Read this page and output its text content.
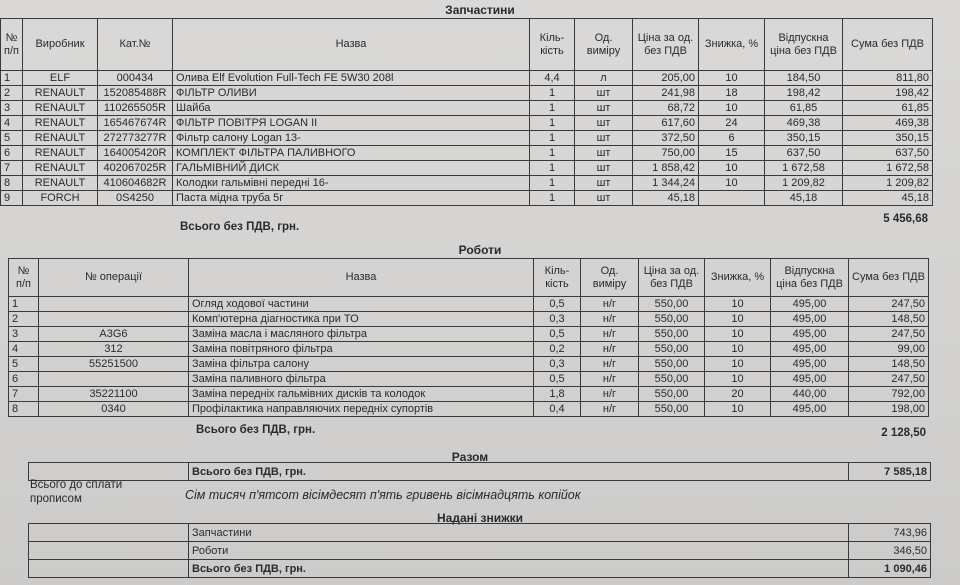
Запчастини
№ п/п	Виробник	Кат.№	Назва	Кіль-кість	Од. виміру	Ціна за од. без ПДВ	Знижка, %	Відпускна ціна без ПДВ	Сума без ПДВ
1	ELF	000434	Олива Elf Evolution Full-Tech FE 5W30 208l	4,4	л	205,00	10	184,50	811,80
2	RENAULT	152085488R	ФІЛЬТР ОЛИВИ	1	шт	241,98	18	198,42	198,42
3	RENAULT	110265505R	Шайба	1	шт	68,72	10	61,85	61,85
4	RENAULT	165467674R	ФІЛЬТР ПОВІТРЯ LOGAN II	1	шт	617,60	24	469,38	469,38
5	RENAULT	272773277R	Фільтр салону Logan 13-	1	шт	372,50	6	350,15	350,15
6	RENAULT	164005420R	КОМПЛЕКТ ФІЛЬТРА ПАЛИВНОГО	1	шт	750,00	15	637,50	637,50
7	RENAULT	402067025R	ГАЛЬМІВНИЙ ДИСК	1	шт	1 858,42	10	1 672,58	1 672,58
8	RENAULT	410604682R	Колодки гальмівні передні 16-	1	шт	1 344,24	10	1 209,82	1 209,82
9	FORCH	0S4250	Паста мідна труба 5г	1	шт	45,18		45,18	45,18
Всього без ПДВ, грн.
5 456,68
Роботи
№ п/п	№ операції	Назва	Кіль-кість	Од. виміру	Ціна за од. без ПДВ	Знижка, %	Відпускна ціна без ПДВ	Сума без ПДВ
1		Огляд ходової частини	0,5	н/г	550,00	10	495,00	247,50
2		Комп'ютерна діагностика при ТО	0,3	н/г	550,00	10	495,00	148,50
3	A3G6	Заміна масла і масляного фільтра	0,5	н/г	550,00	10	495,00	247,50
4	312	Заміна повітряного фільтра	0,2	н/г	550,00	10	495,00	99,00
5	55251500	Заміна фільтра салону	0,3	н/г	550,00	10	495,00	148,50
6		Заміна паливного фільтра	0,5	н/г	550,00	10	495,00	247,50
7	35221100	Заміна передніх гальмівних дисків та колодок	1,8	н/г	550,00	20	440,00	792,00
8	0340	Профілактика направляючих передніх супортів	0,4	н/г	550,00	10	495,00	198,00
Всього без ПДВ, грн.	2 128,50
Разом
	Всього без ПДВ, грн.	7 585,18
Всього до сплати
прописом	Сім тисяч п'ятсот вісімдесят п'ять гривень вісімнадцять копійок
Надані знижки
	Запчастини	743,96
	Роботи	346,50
	Всього без ПДВ, грн.	1 090,46
